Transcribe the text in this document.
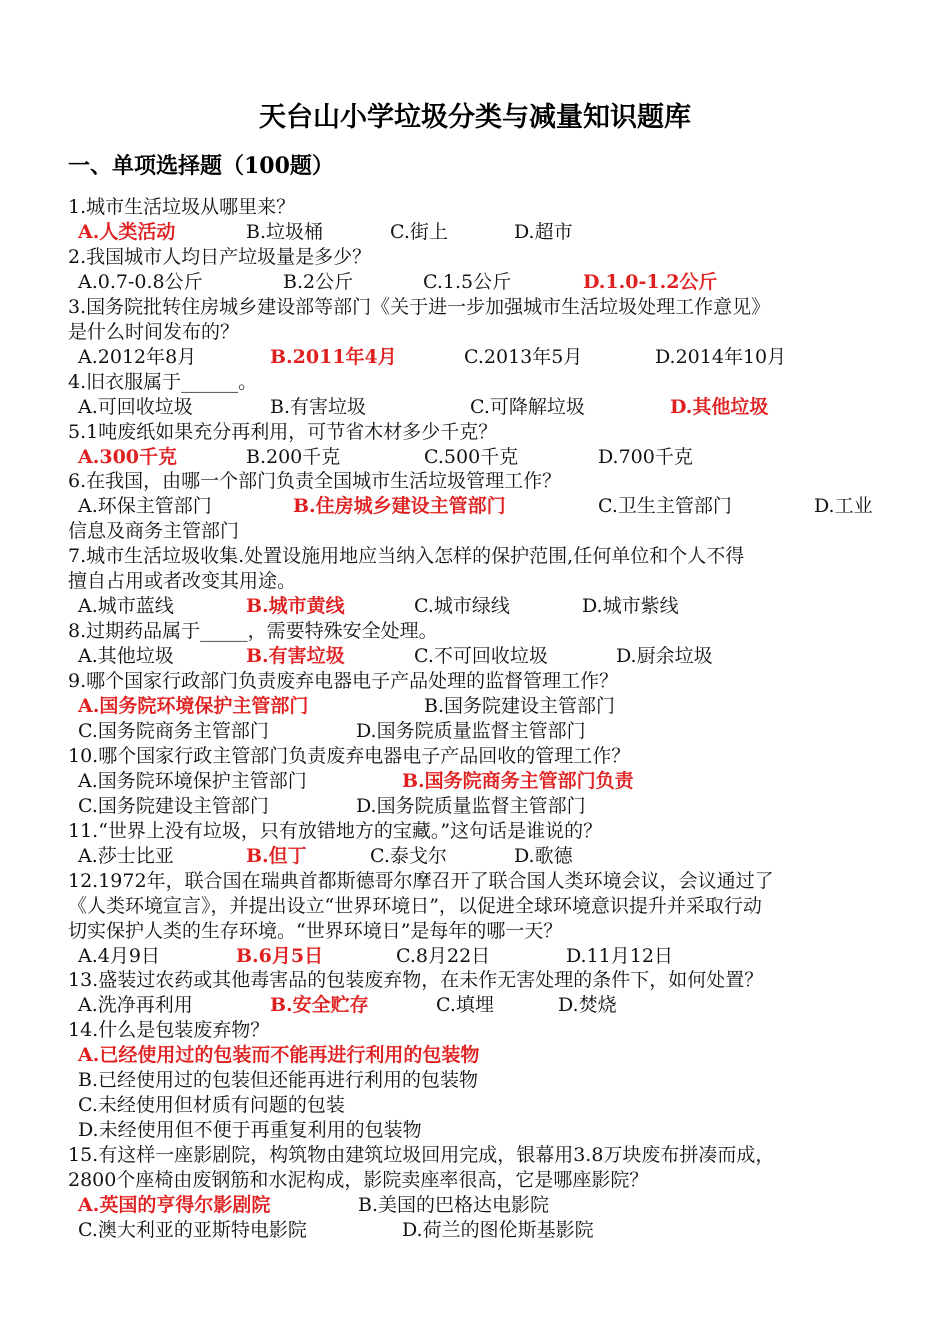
天台山小学垃圾分类与减量知识题库
一、单项选择题（100题）
1.城市生活垃圾从哪里来？
A.人类活动	B.垃圾桶	C.街上	D.超市
2.我国城市人均日产垃圾量是多少？
A.0.7-0.8公斤	B.2公斤	C.1.5公斤	D.1.0-1.2公斤
3.国务院批转住房城乡建设部等部门《关于进一步加强城市生活垃圾处理工作意见》
是什么时间发布的？
A.2012年8月	B.2011年4月	C.2013年5月	D.2014年10月
4.旧衣服属于______。
A.可回收垃圾	B.有害垃圾	C.可降解垃圾	D.其他垃圾
5.1吨废纸如果充分再利用，可节省木材多少千克？
A.300千克	B.200千克	C.500千克	D.700千克
6.在我国，由哪一个部门负责全国城市生活垃圾管理工作？
A.环保主管部门	B.住房城乡建设主管部门	C.卫生主管部门	D.工业
信息及商务主管部门
7.城市生活垃圾收集.处置设施用地应当纳入怎样的保护范围,任何单位和个人不得
擅自占用或者改变其用途。
A.城市蓝线	B.城市黄线	C.城市绿线	D.城市紫线
8.过期药品属于_____，需要特殊安全处理。
A.其他垃圾	B.有害垃圾	C.不可回收垃圾	D.厨余垃圾
9.哪个国家行政部门负责废弃电器电子产品处理的监督管理工作？
A.国务院环境保护主管部门	B.国务院建设主管部门
C.国务院商务主管部门	D.国务院质量监督主管部门
10.哪个国家行政主管部门负责废弃电器电子产品回收的管理工作？
A.国务院环境保护主管部门	B.国务院商务主管部门负责
C.国务院建设主管部门	D.国务院质量监督主管部门
11.“世界上没有垃圾，只有放错地方的宝藏。”这句话是谁说的？
A.莎士比亚	B.但丁	C.泰戈尔	D.歌德
12.1972年，联合国在瑞典首都斯德哥尔摩召开了联合国人类环境会议，会议通过了
《人类环境宣言》，并提出设立“世界环境日”，以促进全球环境意识提升并采取行动
切实保护人类的生存环境。“世界环境日”是每年的哪一天？
A.4月9日	B.6月5日	C.8月22日	D.11月12日
13.盛装过农药或其他毒害品的包装废弃物，在未作无害处理的条件下，如何处置？
A.洗净再利用	B.安全贮存	C.填埋	D.焚烧
14.什么是包装废弃物？
A.已经使用过的包装而不能再进行利用的包装物
B.已经使用过的包装但还能再进行利用的包装物
C.未经使用但材质有问题的包装
D.未经使用但不便于再重复利用的包装物
15.有这样一座影剧院，构筑物由建筑垃圾回用完成，银幕用3.8万块废布拼凑而成，
2800个座椅由废钢筋和水泥构成，影院卖座率很高，它是哪座影院？
A.英国的亨得尔影剧院	B.美国的巴格达电影院
C.澳大利亚的亚斯特电影院	D.荷兰的图伦斯基影院
